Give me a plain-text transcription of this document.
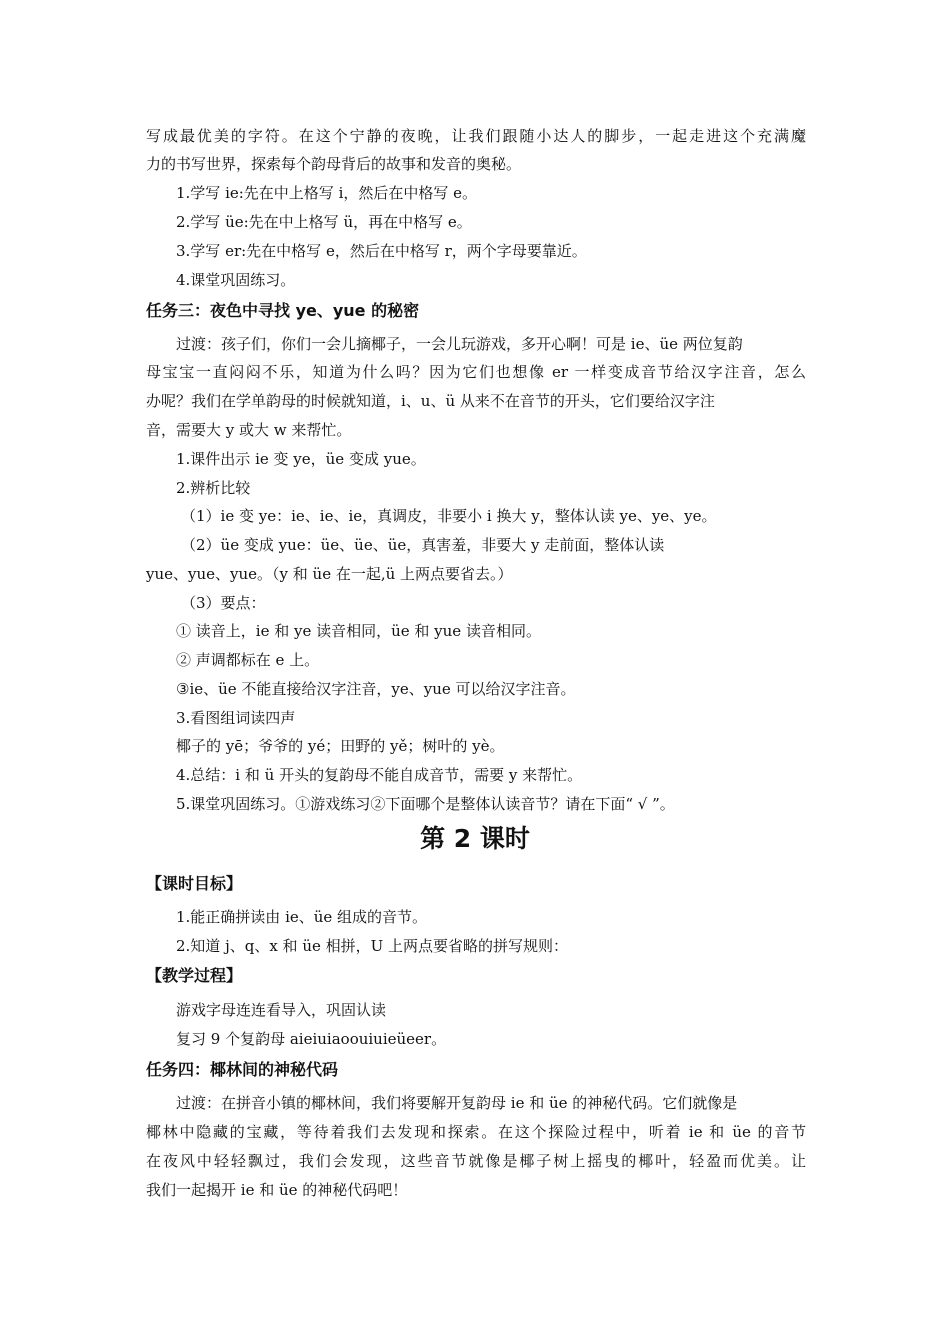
写成最优美的字符。在这个宁静的夜晚，让我们跟随小达人的脚步，一起走进这个充满魔
力的书写世界，探索每个韵母背后的故事和发音的奥秘。
1.学写 ie:先在中上格写 i，然后在中格写 e。
2.学写 üe:先在中上格写 ü，再在中格写 e。
3.学写 er:先在中格写 e，然后在中格写 r，两个字母要靠近。
4.课堂巩固练习。
任务三：夜色中寻找 ye、yue 的秘密
过渡：孩子们，你们一会儿摘椰子，一会儿玩游戏，多开心啊！可是 ie、üe 两位复韵
母宝宝一直闷闷不乐，知道为什么吗？因为它们也想像 er 一样变成音节给汉字注音，怎么
办呢？我们在学单韵母的时候就知道，i、u、ü 从来不在音节的开头，它们要给汉字注
音，需要大 y 或大 w 来帮忙。
1.课件出示 ie 变 ye，üe 变成 yue。
2.辨析比较
（1）ie 变 ye：ie、ie、ie，真调皮，非要小 i 换大 y，整体认读 ye、ye、ye。
（2）üe 变成 yue：üe、üe、üe，真害羞，非要大 y 走前面，整体认读
yue、yue、yue。（y 和 üe 在一起,ü 上两点要省去。）
（3）要点：
① 读音上，ie 和 ye 读音相同，üe 和 yue 读音相同。
② 声调都标在 e 上。
③ie、üe 不能直接给汉字注音，ye、yue 可以给汉字注音。
3.看图组词读四声
椰子的 yē；爷爷的 yé；田野的 yě；树叶的 yè。
4.总结：i 和 ü 开头的复韵母不能自成音节，需要 y 来帮忙。
5.课堂巩固练习。①游戏练习②下面哪个是整体认读音节？请在下面“ √ ”。
第 2 课时
【课时目标】
1.能正确拼读由 ie、üe 组成的音节。
2.知道 j、q、x 和 üe 相拼，U 上两点要省略的拼写规则：
【教学过程】
游戏字母连连看导入，巩固认读
复习 9 个复韵母 aieiuiaoouiuieüeer。
任务四：椰林间的神秘代码
过渡：在拼音小镇的椰林间，我们将要解开复韵母 ie 和 üe 的神秘代码。它们就像是
椰林中隐藏的宝藏，等待着我们去发现和探索。在这个探险过程中，听着 ie 和 üe 的音节
在夜风中轻轻飘过，我们会发现，这些音节就像是椰子树上摇曳的椰叶，轻盈而优美。让
我们一起揭开 ie 和 üe 的神秘代码吧！
